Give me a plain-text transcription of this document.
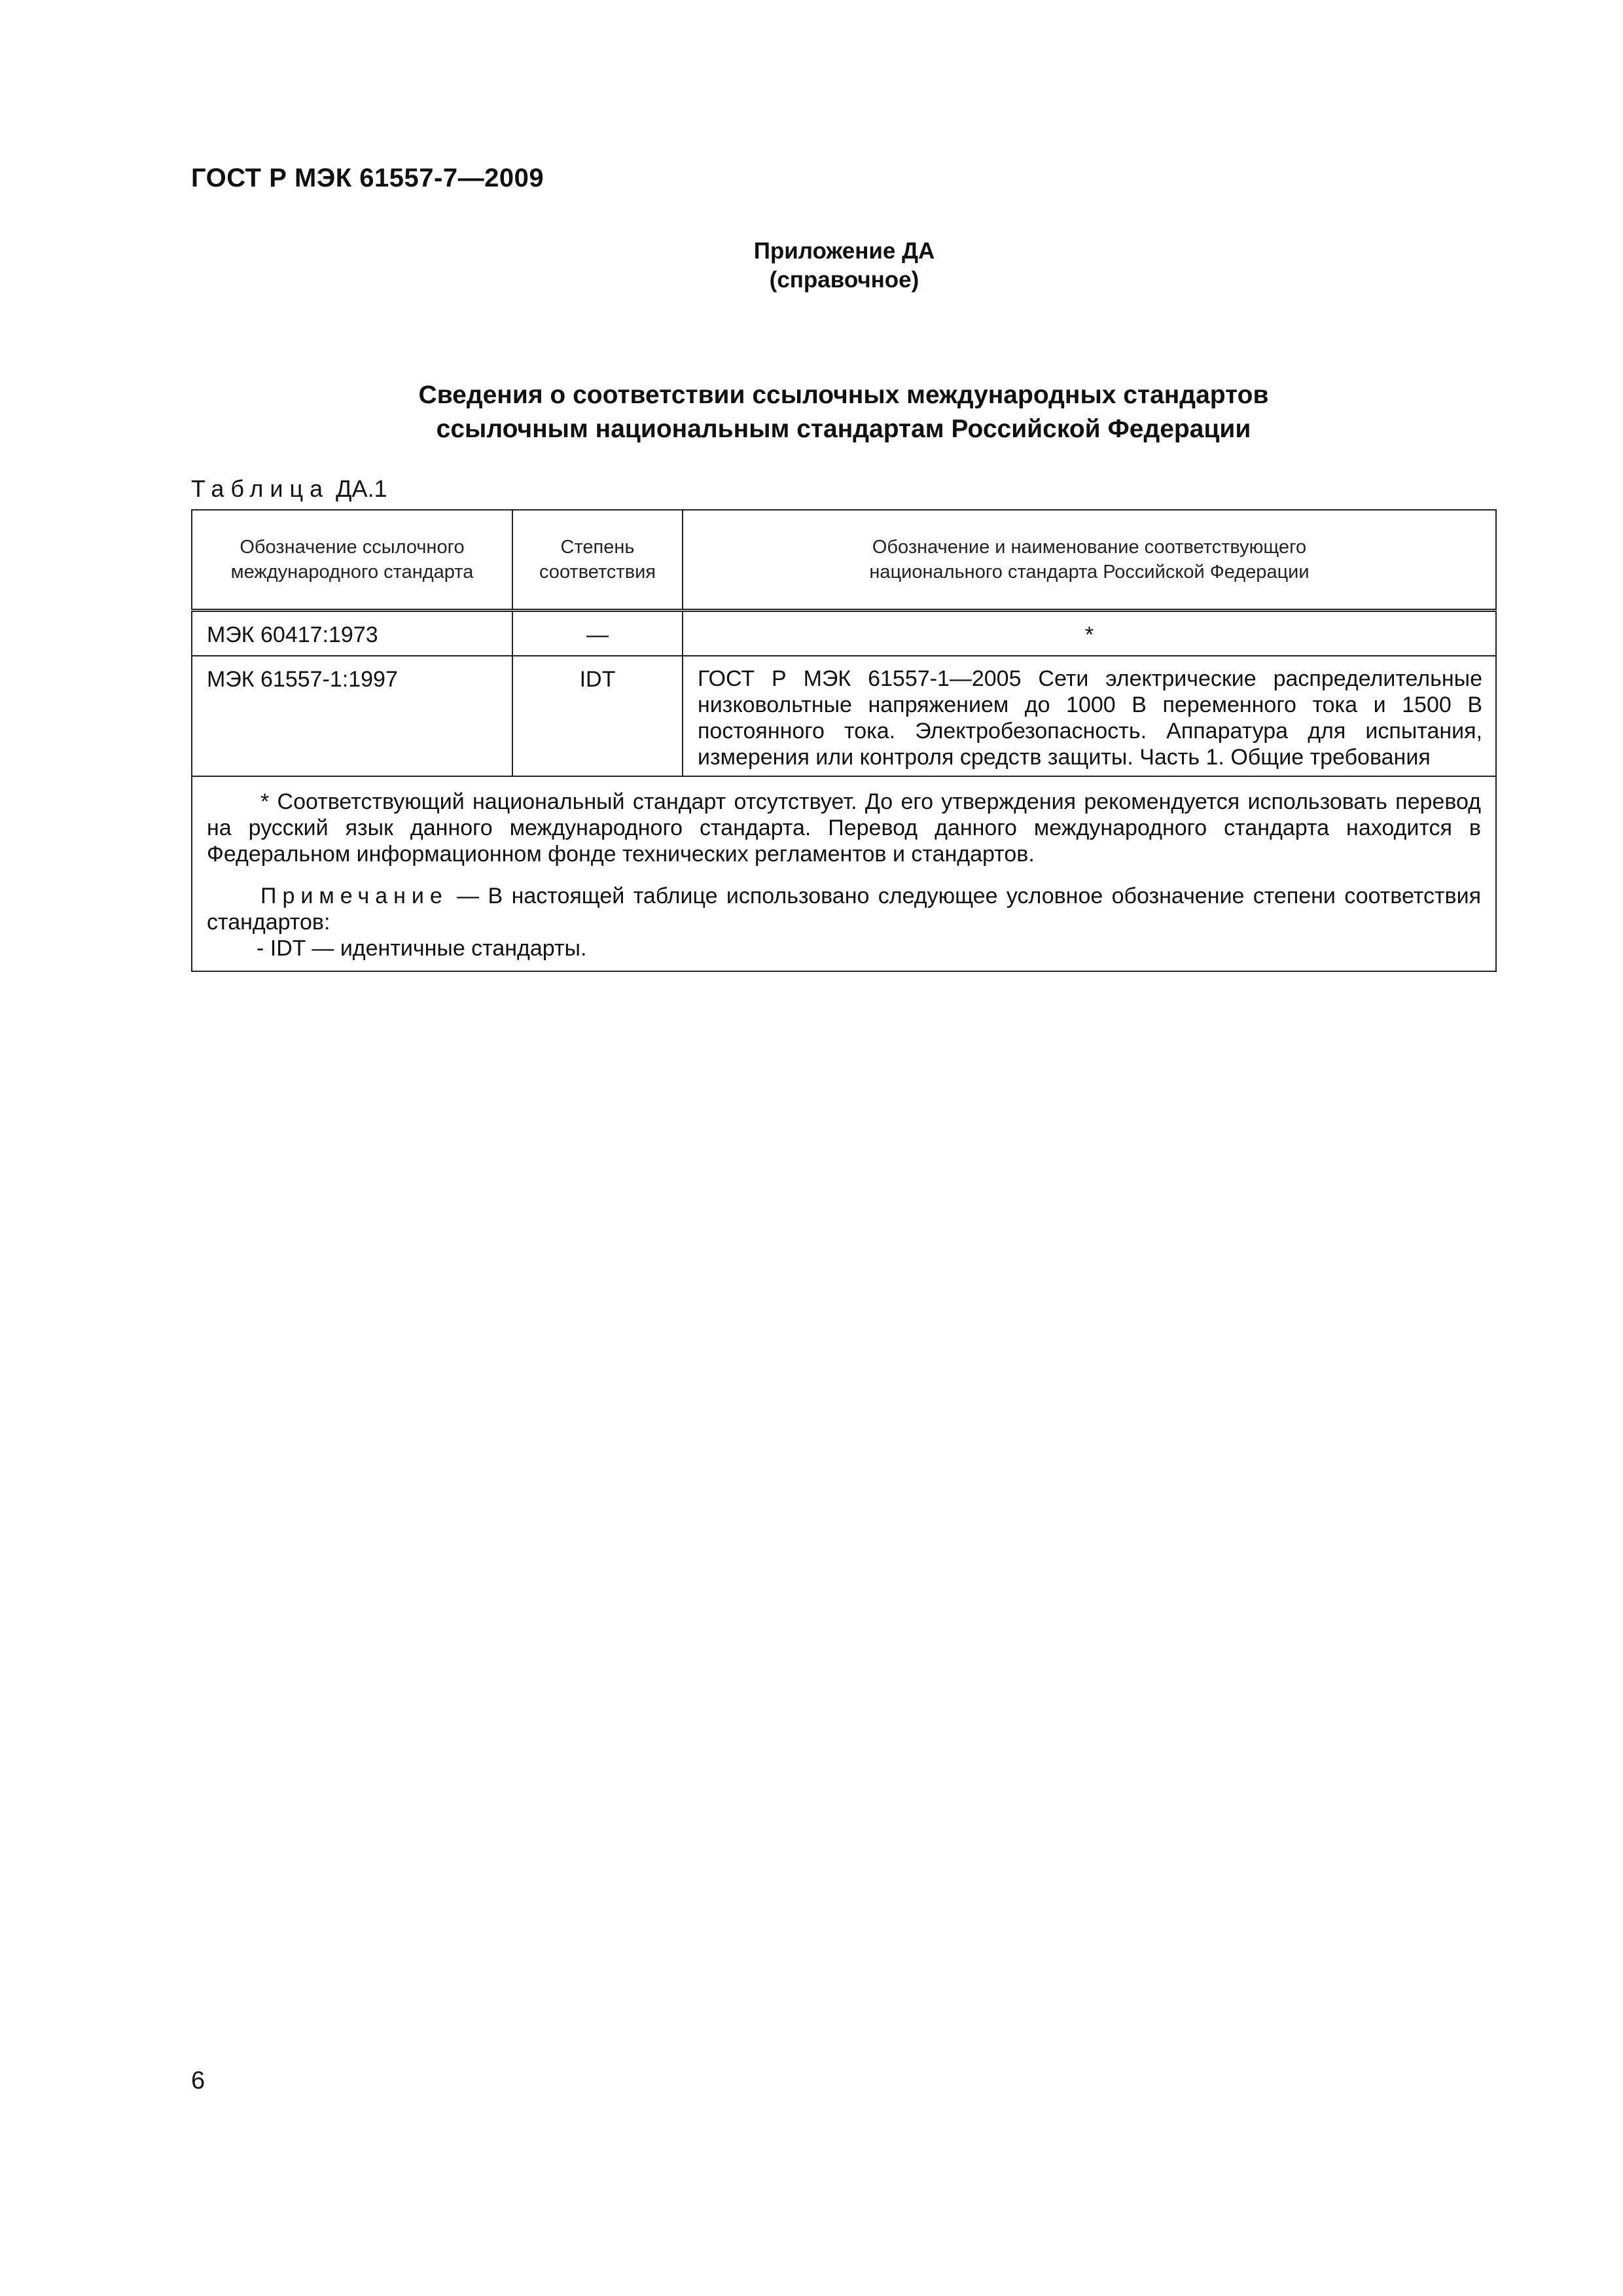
ГОСТ Р МЭК 61557-7—2009
Приложение ДА
(справочное)
Сведения о соответствии ссылочных международных стандартов
ссылочным национальным стандартам Российской Федерации
Таблица ДА.1
Обозначение ссылочного международного стандарта	Степень соответствия	Обозначение и наименование соответствующего национального стандарта Российской Федерации

МЭК 60417:1973	—	*

МЭК 61557-1:1997	IDT	ГОСТ Р МЭК 61557-1—2005 Сети электрические распределительные низковольтные напряжением до 1000 В переменного тока и 1500 В постоянного тока. Электробезопасность. Аппаратура для испытания, измерения или контроля средств защиты. Часть 1. Общие требования

* Соответствующий национальный стандарт отсутствует. До его утверждения рекомендуется использовать перевод на русский язык данного международного стандарта. Перевод данного международного стандарта находится в Федеральном информационном фонде технических регламентов и стандартов.

Примечание — В настоящей таблице использовано следующее условное обозначение степени соответствия стандартов:

- IDT — идентичные стандарты.		

6
